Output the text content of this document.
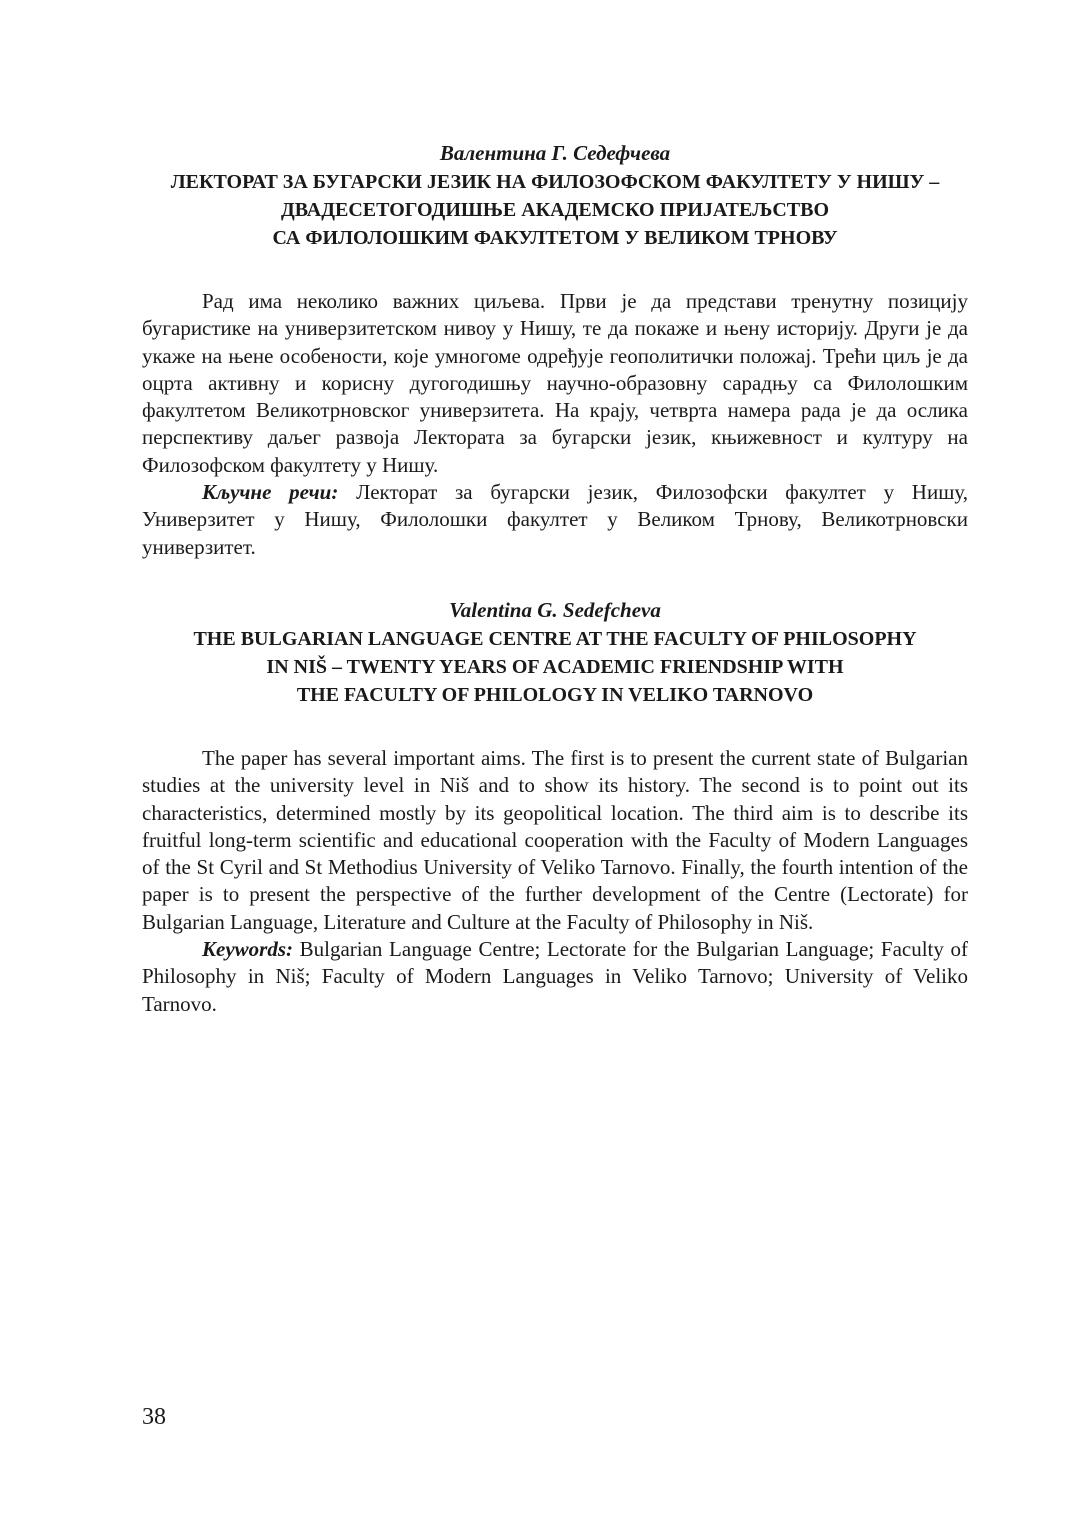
Валентина Г. Седефчева
ЛЕКТОРАТ ЗА БУГАРСКИ ЈЕЗИК НА ФИЛОЗОФСКОМ ФАКУЛТЕТУ У НИШУ –
ДВАДЕСЕТОГОДИШЊЕ АКАДЕМСКО ПРИЈАТЕЉСТВО
СА ФИЛОЛОШКИМ ФАКУЛТЕТОМ У ВЕЛИКОМ ТРНОВУ

Рад има неколико важних циљева. Први је да представи тренутну позицију бугаристике на универзитетском нивоу у Нишу, те да покаже и њену историју. Други је да укаже на њене особености, које умногоме одређује геополитички положај. Трећи циљ је да оцрта активну и корисну дугогодишњу научно-образовну сарадњу са Филолошким факултетом Великотрновског универзитета. На крају, четврта намера рада је да ослика перспективу даљег развоја Лектората за бугарски језик, књижевност и културу на Филозофском факултету у Нишу.

Кључне речи: Лекторат за бугарски језик, Филозофски факултет у Нишу, Универзитет у Нишу, Филолошки факултет у Великом Трнову, Великотрновски универзитет.

Valentina G. Sedefcheva
THE BULGARIAN LANGUAGE CENTRE AT THE FACULTY OF PHILOSOPHY
IN NIŠ – TWENTY YEARS OF ACADEMIC FRIENDSHIP WITH
THE FACULTY OF PHILOLOGY IN VELIKO TARNOVO

The paper has several important aims. The first is to present the current state of Bulgarian studies at the university level in Niš and to show its history. The second is to point out its characteristics, determined mostly by its geopolitical location. The third aim is to describe its fruitful long-term scientific and educational cooperation with the Faculty of Modern Languages of the St Cyril and St Methodius University of Veliko Tarnovo. Finally, the fourth intention of the paper is to present the perspective of the further development of the Centre (Lectorate) for Bulgarian Language, Literature and Culture at the Faculty of Philosophy in Niš.

Keywords: Bulgarian Language Centre; Lectorate for the Bulgarian Language; Faculty of Philosophy in Niš; Faculty of Modern Languages in Veliko Tarnovo; University of Veliko Tarnovo.

38
